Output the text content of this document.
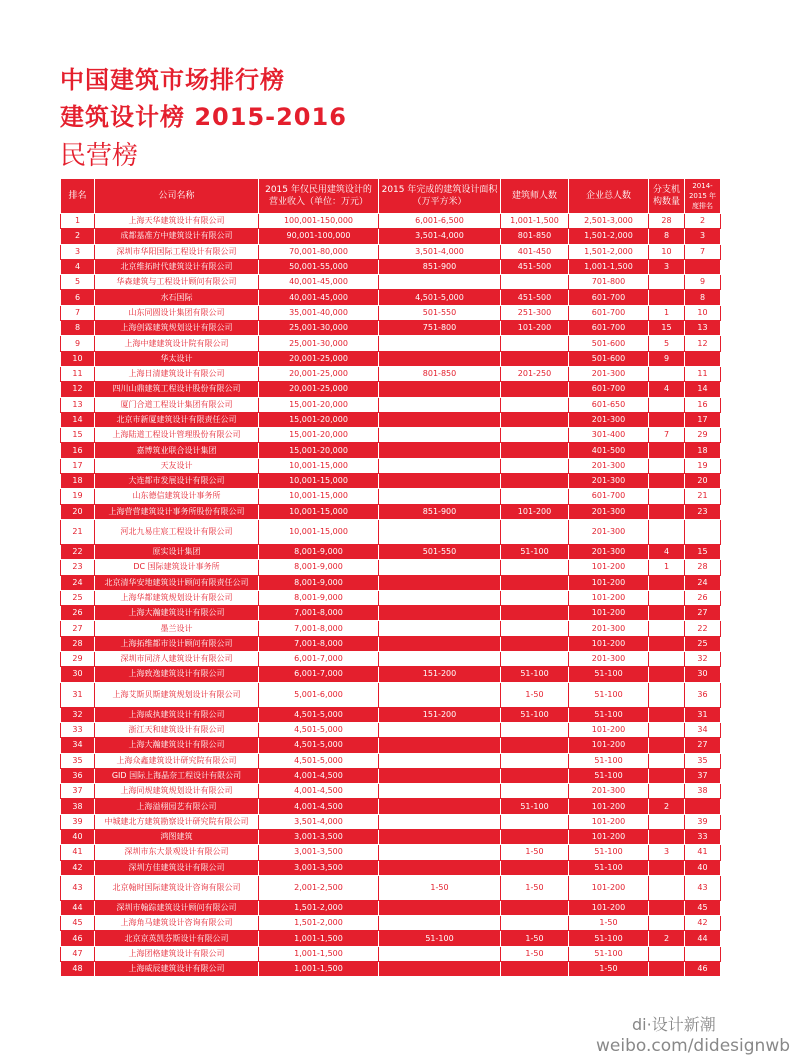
中国建筑市场排行榜
建筑设计榜 2015-2016
民营榜
排名	公司名称	2015 年仅民用建筑设计的营业收入（单位：万元）	2015 年完成的建筑设计面积（万平方米）	建筑师人数	企业总人数	分支机构数量	2014-2015 年度排名
1	上海天华建筑设计有限公司	100,001-150,000	6,001-6,500	1,001-1,500	2,501-3,000	28	2
2	成都基准方中建筑设计有限公司	90,001-100,000	3,501-4,000	801-850	1,501-2,000	8	3
3	深圳市华阳国际工程设计有限公司	70,001-80,000	3,501-4,000	401-450	1,501-2,000	10	7
4	北京维拓时代建筑设计有限公司	50,001-55,000	851-900	451-500	1,001-1,500	3	
5	华森建筑与工程设计顾问有限公司	40,001-45,000			701-800		9
6	水石国际	40,001-45,000	4,501-5,000	451-500	601-700		8
7	山东同圆设计集团有限公司	35,001-40,000	501-550	251-300	601-700	1	10
8	上海创霖建筑规划设计有限公司	25,001-30,000	751-800	101-200	601-700	15	13
9	上海中建建筑设计院有限公司	25,001-30,000			501-600	5	12
10	华太设计	20,001-25,000			501-600	9	
11	上海日清建筑设计有限公司	20,001-25,000	801-850	201-250	201-300		11
12	四川山鼎建筑工程设计股份有限公司	20,001-25,000			601-700	4	14
13	厦门合道工程设计集团有限公司	15,001-20,000			601-650		16
14	北京市新厦建筑设计有限责任公司	15,001-20,000			201-300		17
15	上海陆道工程设计管理股份有限公司	15,001-20,000			301-400	7	29
16	嘉博筑业联合设计集团	15,001-20,000			401-500		18
17	天友设计	10,001-15,000			201-300		19
18	大连都市发展设计有限公司	10,001-15,000			201-300		20
19	山东德信建筑设计事务所	10,001-15,000			601-700		21
20	上海营营建筑设计事务所股份有限公司	10,001-15,000	851-900	101-200	201-300		23
21	河北九易庄宸工程设计有限公司	10,001-15,000			201-300		
22	原实设计集团	8,001-9,000	501-550	51-100	201-300	4	15
23	DC 国际建筑设计事务所	8,001-9,000			101-200	1	28
24	北京清华安地建筑设计顾问有限责任公司	8,001-9,000			101-200		24
25	上海华都建筑规划设计有限公司	8,001-9,000			101-200		26
26	上海大瀚建筑设计有限公司	7,001-8,000			101-200		27
27	墨兰设计	7,001-8,000			201-300		22
28	上海拓维都市设计顾问有限公司	7,001-8,000			101-200		25
29	深圳市同济人建筑设计有限公司	6,001-7,000			201-300		32
30	上海致逸建筑设计有限公司	6,001-7,000	151-200	51-100	51-100		30
31	上海艾斯贝斯建筑规划设计有限公司	5,001-6,000		1-50	51-100		36
32	上海威执建筑设计有限公司	4,501-5,000	151-200	51-100	51-100		31
33	浙江天和建筑设计有限公司	4,501-5,000			101-200		34
34	上海大瀚建筑设计有限公司	4,501-5,000			101-200		27
35	上海众鑫建筑设计研究院有限公司	4,501-5,000			51-100		35
36	GID 国际上海晶奈工程设计有限公司	4,001-4,500			51-100		37
37	上海同规建筑规划设计有限公司	4,001-4,500			201-300		38
38	上海溢栩园艺有限公司	4,001-4,500		51-100	101-200	2	
39	中城建北方建筑勘察设计研究院有限公司	3,501-4,000			101-200		39
40	鸿图建筑	3,001-3,500			101-200		33
41	深圳市东大景观设计有限公司	3,001-3,500		1-50	51-100	3	41
42	深圳方佳建筑设计有限公司	3,001-3,500			51-100		40
43	北京翰时国际建筑设计咨询有限公司	2,001-2,500	1-50	1-50	101-200		43
44	深圳市翰踪建筑设计顾问有限公司	1,501-2,000			101-200		45
45	上海角马建筑设计咨询有限公司	1,501-2,000			1-50		42
46	北京京英凯芬斯设计有限公司	1,001-1,500	51-100	1-50	51-100	2	44
47	上海团格建筑设计有限公司	1,001-1,500		1-50	51-100		
48	上海威辰建筑设计有限公司	1,001-1,500			1-50		46
di·设计新潮
weibo.com/didesignwb
